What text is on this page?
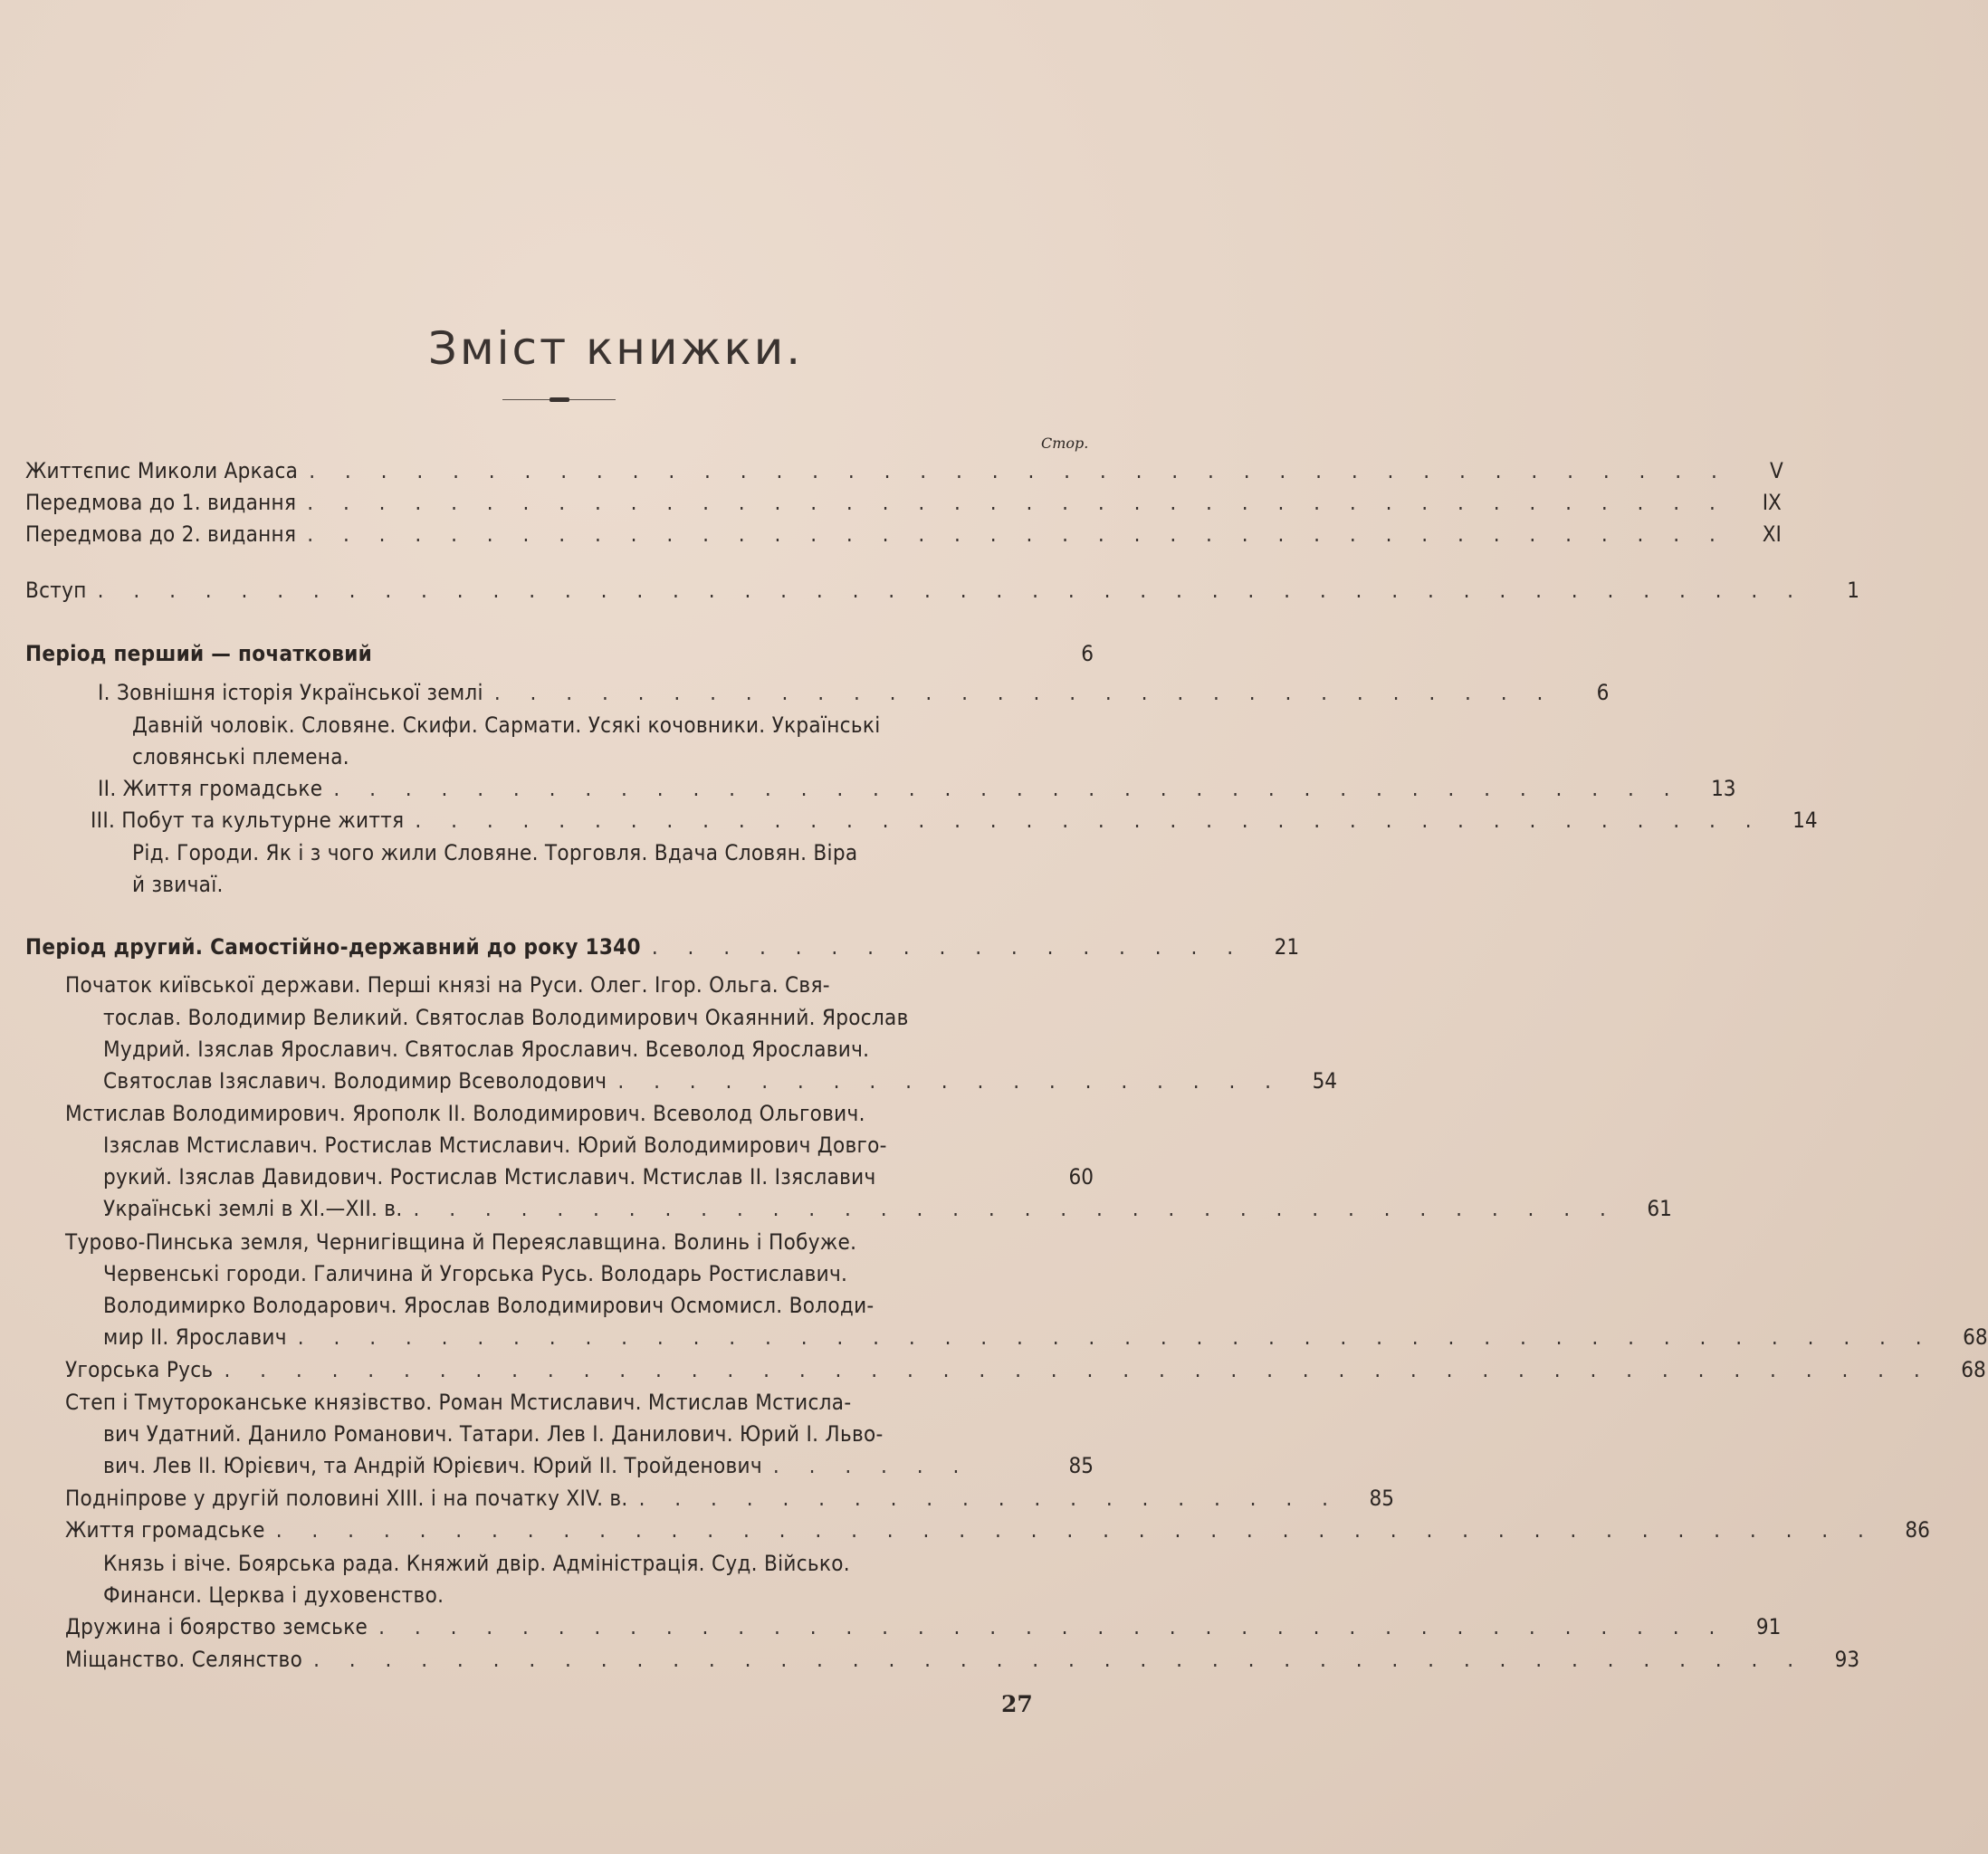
Зміст книжки.
Стор.
Життєпис Миколи Аркаса . . . . . . . . . . . . . . . . . . . . . . . . . . . . . . . . . . . . . . . .	V
Передмова до 1. видання . . . . . . . . . . . . . . . . . . . . . . . . . . . . . . . . . . . . . . . .	IX
Передмова до 2. видання . . . . . . . . . . . . . . . . . . . . . . . . . . . . . . . . . . . . . . . .	XI
Вступ . . . . . . . . . . . . . . . . . . . . . . . . . . . . . . . . . . . . . . . . . . . . . . . .	1
Період перший — початковий	6
І. Зовнішня історія Української землі . . . . . . . . . . . . . . . . . . . . . . . . . . . . . .	6
Давній чоловік. Словяне. Скифи. Сармати. Усякі кочовники. Українські
словянські племена.
ІІ. Життя громадське . . . . . . . . . . . . . . . . . . . . . . . . . . . . . . . . . . . . . .	13
ІІІ. Побут та культурне життя . . . . . . . . . . . . . . . . . . . . . . . . . . . . . . . . . . . . . .	14
Рід. Городи. Як і з чого жили Словяне. Торговля. Вдача Словян. Віра
й звичаї.
Період другий. Самостійно-державний до року 1340 . . . . . . . . . . . . . . . . .	21
Початок київської держави. Перші князі на Руси. Олег. Ігор. Ольга. Свя-
тослав. Володимир Великий. Святослав Володимирович Окаянний. Ярослав
Мудрий. Ізяслав Ярославич. Святослав Ярославич. Всеволод Ярославич.
Святослав Ізяславич. Володимир Всеволодович . . . . . . . . . . . . . . . . . . .	54
Мстислав Володимирович. Ярополк ІІ. Володимирович. Всеволод Ольгович.
Ізяслав Мстиславич. Ростислав Мстиславич. Юрий Володимирович Довго-
рукий. Ізяслав Давидович. Ростислав Мстиславич. Мстислав ІІ. Ізяславич	60
Українські землі в ХІ.—ХІІ. в. . . . . . . . . . . . . . . . . . . . . . . . . . . . . . . . . . .	61
Турово-Пинська земля, Чернигівщина й Переяславщина. Волинь і Побуже.
Червенські городи. Галичина й Угорська Русь. Володарь Ростиславич.
Володимирко Володарович. Ярослав Володимирович Осмомисл. Володи-
мир ІІ. Ярославич . . . . . . . . . . . . . . . . . . . . . . . . . . . . . . . . . . . . . . . . . . . . . .	68
Угорська Русь . . . . . . . . . . . . . . . . . . . . . . . . . . . . . . . . . . . . . . . . . . . . . . . .	68
Степ і Тмутороканське князівство. Роман Мстиславич. Мстислав Мстисла-
вич Удатний. Данило Романович. Татари. Лев І. Данилович. Юрий І. Льво-
вич. Лев ІІ. Юрієвич, та Андрій Юрієвич. Юрий ІІ. Тройденович . . . . . .	85
Подніпрове у другій половині ХІІІ. і на початку ХІV. в. . . . . . . . . . . . . . . . . . . . .	85
Життя громадське . . . . . . . . . . . . . . . . . . . . . . . . . . . . . . . . . . . . . . . . . . . . .	86
Князь і віче. Боярська рада. Княжий двір. Адміністрація. Суд. Військо.
Финанси. Церква і духовенство.
Дружина і боярство земське . . . . . . . . . . . . . . . . . . . . . . . . . . . . . . . . . . . . . .	91
Міщанство. Селянство . . . . . . . . . . . . . . . . . . . . . . . . . . . . . . . . . . . . . . . . . .	93
27
